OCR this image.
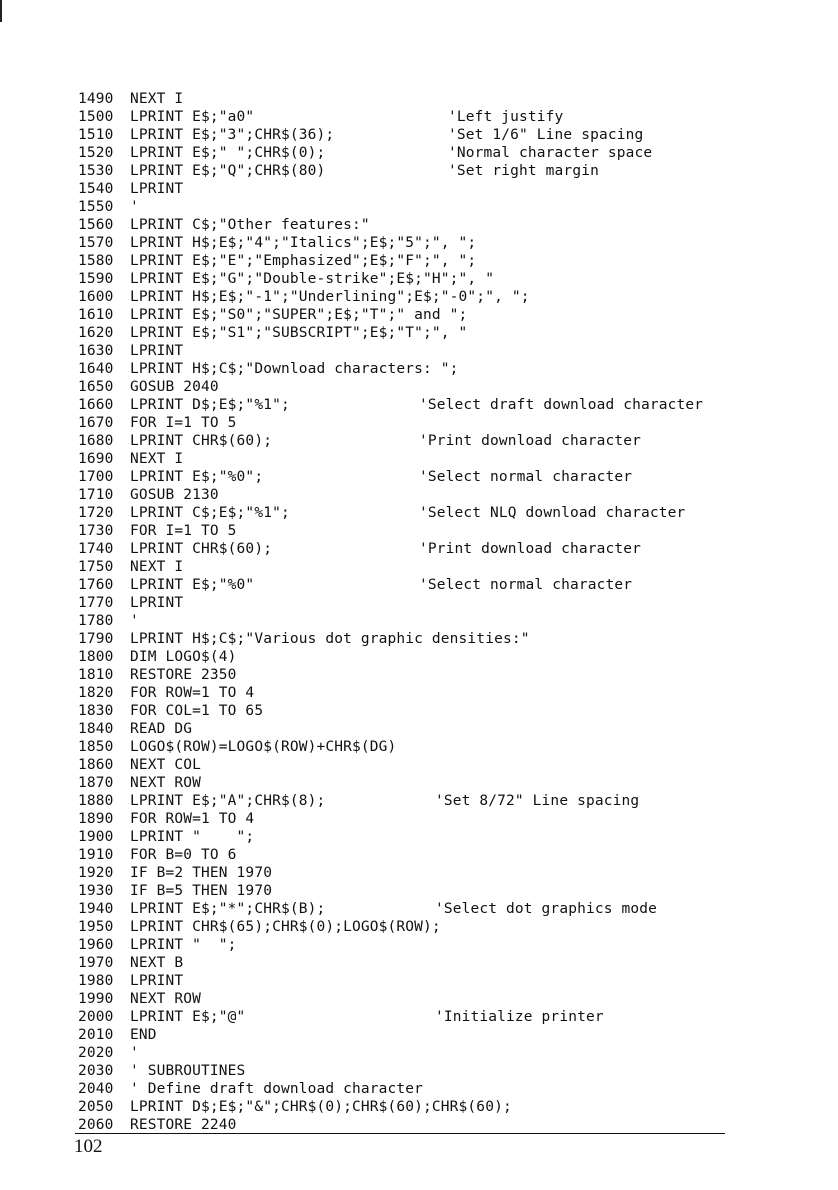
1490 NEXT I
1500 LPRINT E$;"a0"	'Left justify
1510 LPRINT E$;"3";CHR$(36);	'Set 1/6" Line spacing
1520 LPRINT E$;" ";CHR$(0);	'Normal character space
1530 LPRINT E$;"Q";CHR$(80)	'Set right margin
1540 LPRINT
1550 '
1560 LPRINT C$;"Other features:"
1570 LPRINT H$;E$;"4";"Italics";E$;"5";", ";
1580 LPRINT E$;"E";"Emphasized";E$;"F";", ";
1590 LPRINT E$;"G";"Double-strike";E$;"H";", "
1600 LPRINT H$;E$;"-1";"Underlining";E$;"-0";", ";
1610 LPRINT E$;"S0";"SUPER";E$;"T";" and ";
1620 LPRINT E$;"S1";"SUBSCRIPT";E$;"T";", "
1630 LPRINT
1640 LPRINT H$;C$;"Download characters: ";
1650 GOSUB 2040
1660 LPRINT D$;E$;"%1";	'Select draft download character
1670 FOR I=1 TO 5
1680 LPRINT CHR$(60);	'Print download character
1690 NEXT I
1700 LPRINT E$;"%0";	'Select normal character
1710 GOSUB 2130
1720 LPRINT C$;E$;"%1";	'Select NLQ download character
1730 FOR I=1 TO 5
1740 LPRINT CHR$(60);	'Print download character
1750 NEXT I
1760 LPRINT E$;"%0"	'Select normal character
1770 LPRINT
1780 '
1790 LPRINT H$;C$;"Various dot graphic densities:"
1800 DIM LOGO$(4)
1810 RESTORE 2350
1820 FOR ROW=1 TO 4
1830 FOR COL=1 TO 65
1840 READ DG
1850 LOGO$(ROW)=LOGO$(ROW)+CHR$(DG)
1860 NEXT COL
1870 NEXT ROW
1880 LPRINT E$;"A";CHR$(8);	'Set 8/72" Line spacing
1890 FOR ROW=1 TO 4
1900 LPRINT "    ";
1910 FOR B=0 TO 6
1920 IF B=2 THEN 1970
1930 IF B=5 THEN 1970
1940 LPRINT E$;"*";CHR$(B);	'Select dot graphics mode
1950 LPRINT CHR$(65);CHR$(0);LOGO$(ROW);
1960 LPRINT "  ";
1970 NEXT B
1980 LPRINT
1990 NEXT ROW
2000 LPRINT E$;"@"	'Initialize printer
2010 END
2020 '
2030 ' SUBROUTINES
2040 ' Define draft download character
2050 LPRINT D$;E$;"&";CHR$(0);CHR$(60);CHR$(60);
2060 RESTORE 2240
102
